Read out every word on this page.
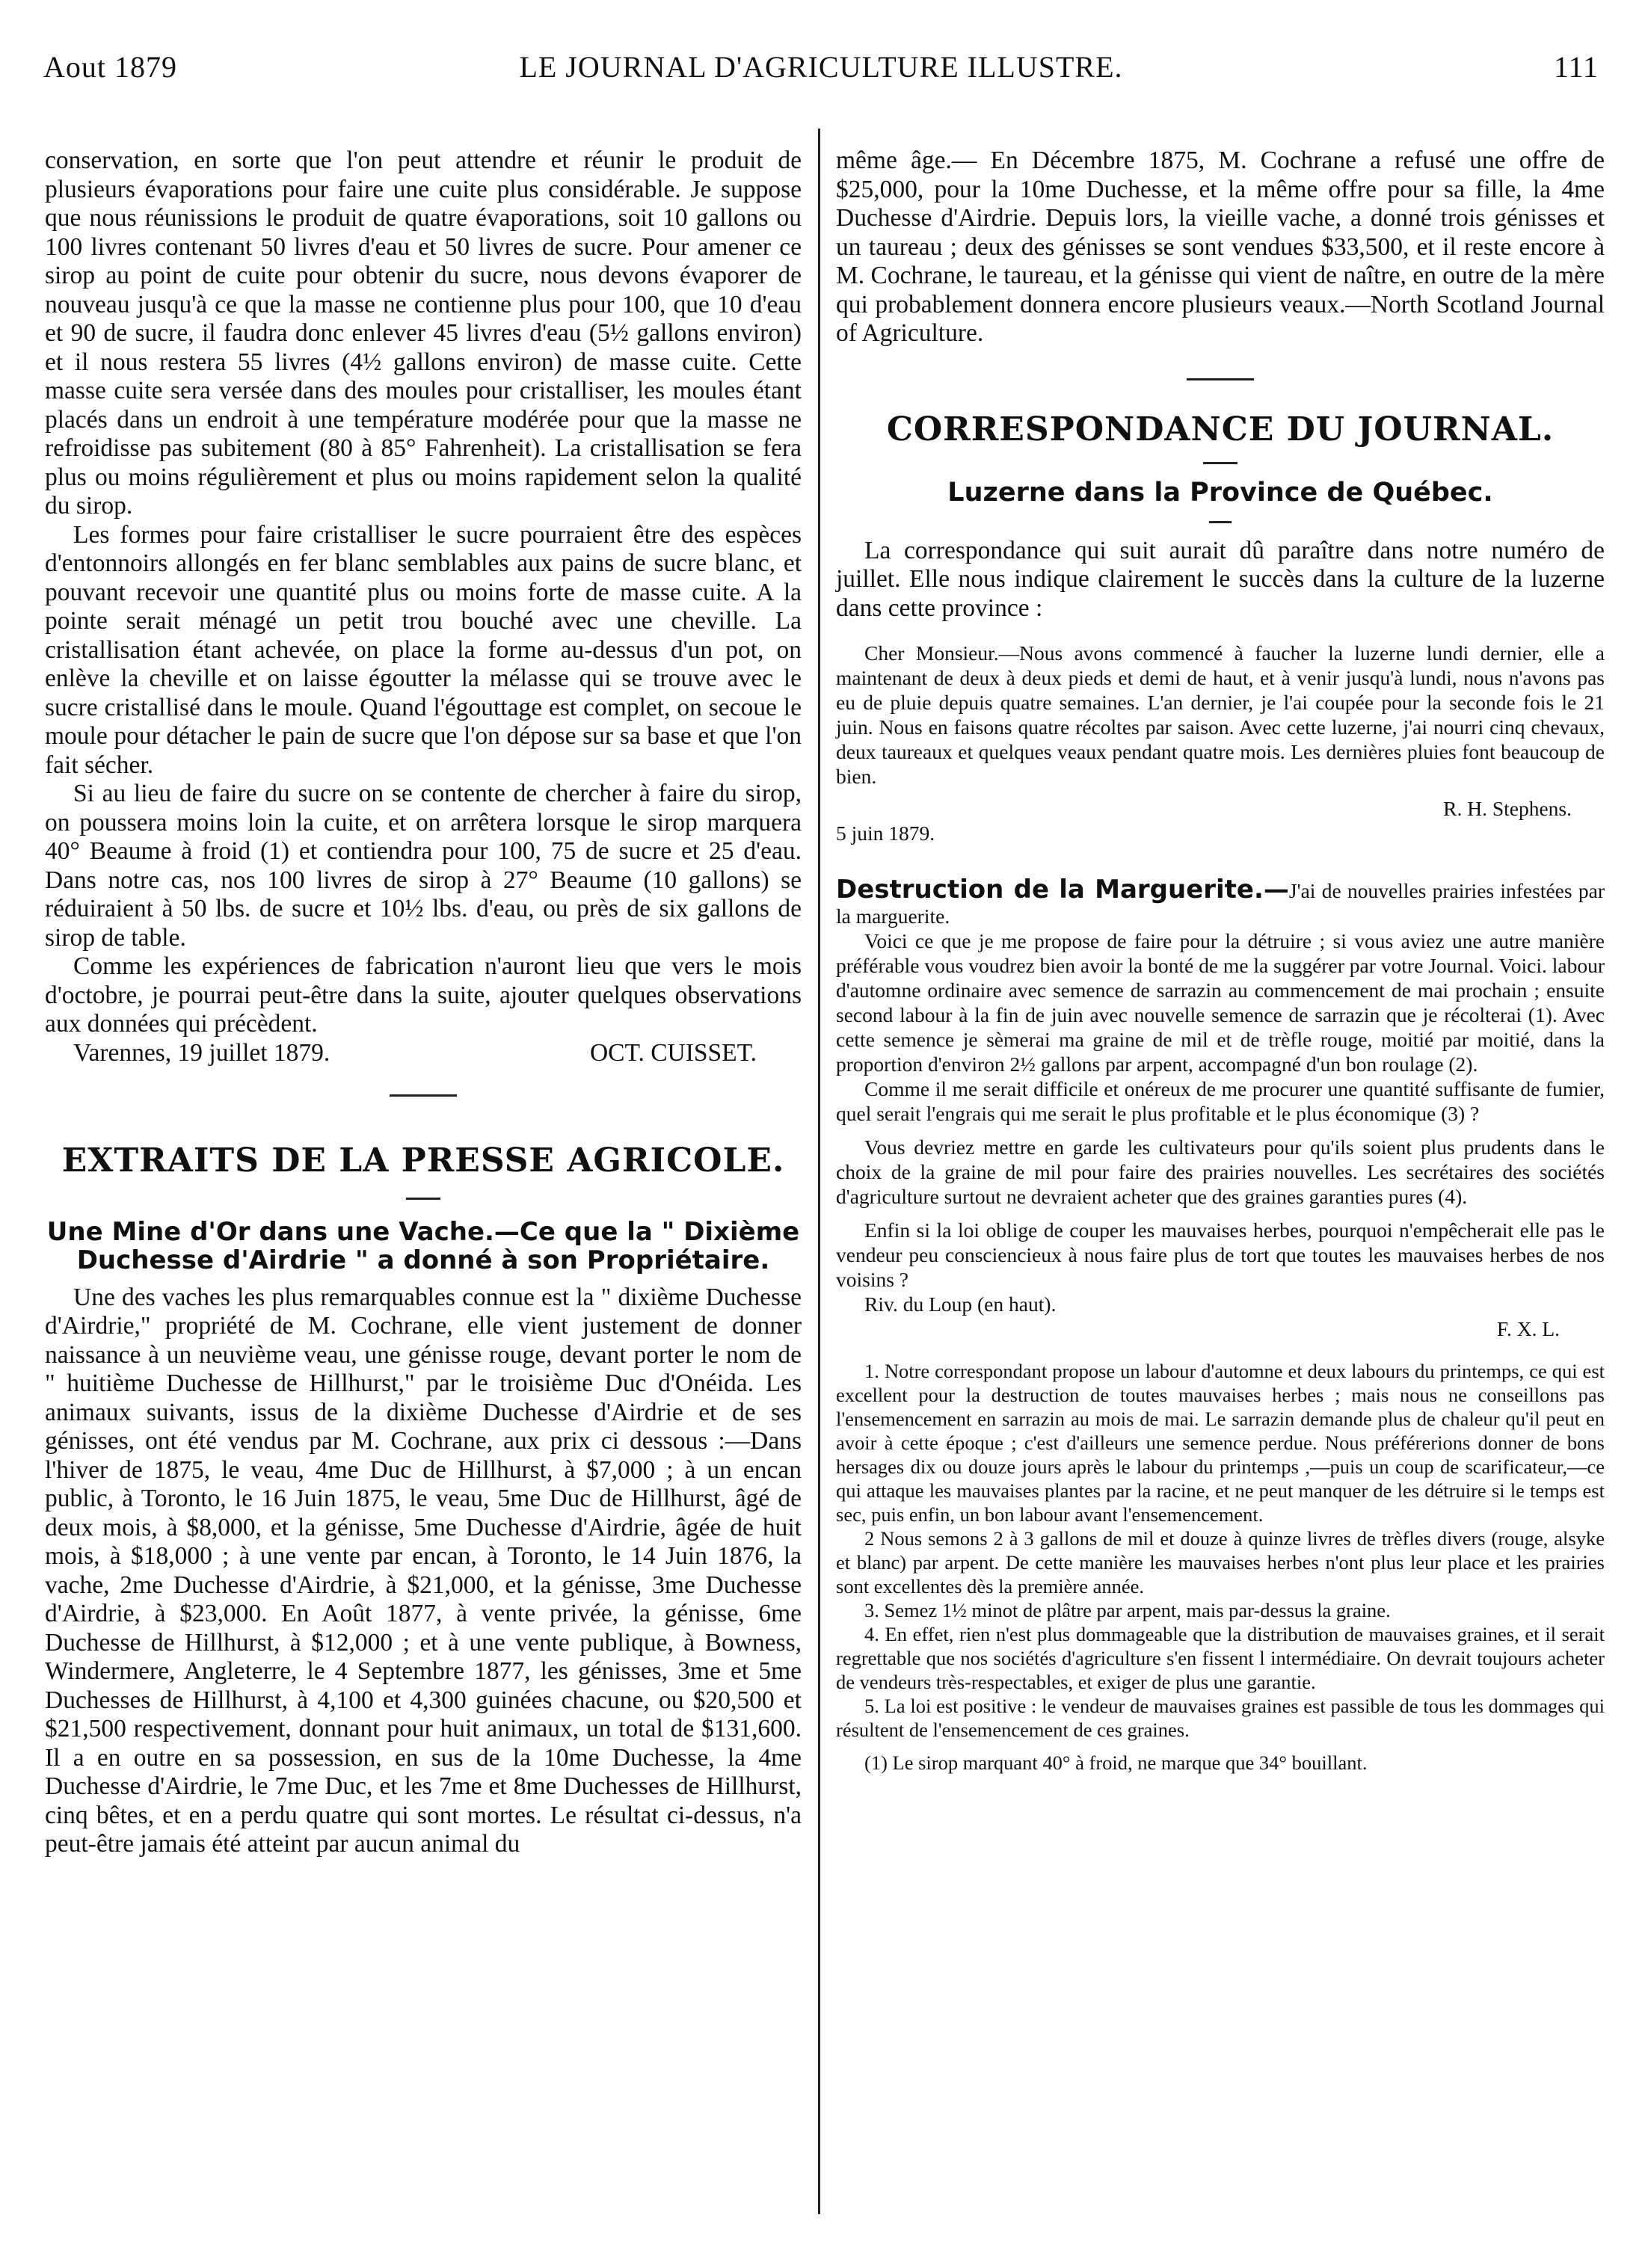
Aout 1879	LE JOURNAL D'AGRICULTURE ILLUSTRE.	111

conservation, en sorte que l'on peut attendre et réunir le produit de plusieurs évaporations pour faire une cuite plus considérable. Je suppose que nous réunissions le produit de quatre évaporations, soit 10 gallons ou 100 livres contenant 50 livres d'eau et 50 livres de sucre. Pour amener ce sirop au point de cuite pour obtenir du sucre, nous devons évaporer de nouveau jusqu'à ce que la masse ne contienne plus pour 100, que 10 d'eau et 90 de sucre, il faudra donc enlever 45 livres d'eau (5½ gallons environ) et il nous restera 55 livres (4½ gallons environ) de masse cuite. Cette masse cuite sera versée dans des moules pour cristalliser, les moules étant placés dans un endroit à une température modérée pour que la masse ne refroidisse pas subitement (80 à 85° Fahrenheit). La cristallisation se fera plus ou moins régulièrement et plus ou moins rapidement selon la qualité du sirop.

Les formes pour faire cristalliser le sucre pourraient être des espèces d'entonnoirs allongés en fer blanc semblables aux pains de sucre blanc, et pouvant recevoir une quantité plus ou moins forte de masse cuite. A la pointe serait ménagé un petit trou bouché avec une cheville. La cristallisation étant achevée, on place la forme au-dessus d'un pot, on enlève la cheville et on laisse égoutter la mélasse qui se trouve avec le sucre cristallisé dans le moule. Quand l'égouttage est complet, on secoue le moule pour détacher le pain de sucre que l'on dépose sur sa base et que l'on fait sécher.

Si au lieu de faire du sucre on se contente de chercher à faire du sirop, on poussera moins loin la cuite, et on arrêtera lorsque le sirop marquera 40° Beaume à froid (1) et contiendra pour 100, 75 de sucre et 25 d'eau. Dans notre cas, nos 100 livres de sirop à 27° Beaume (10 gallons) se réduiraient à 50 lbs. de sucre et 10½ lbs. d'eau, ou près de six gallons de sirop de table.

Comme les expériences de fabrication n'auront lieu que vers le mois d'octobre, je pourrai peut-être dans la suite, ajouter quelques observations aux données qui précèdent.

Varennes, 19 juillet 1879.	OCT. CUISSET.
EXTRAITS DE LA PRESSE AGRICOLE.

Une Mine d'Or dans une Vache.—Ce que la " Dixième Duchesse d'Airdrie " a donné à son Propriétaire.

Une des vaches les plus remarquables connue est la " dixième Duchesse d'Airdrie," propriété de M. Cochrane, elle vient justement de donner naissance à un neuvième veau, une génisse rouge, devant porter le nom de " huitième Duchesse de Hillhurst," par le troisième Duc d'Onéida. Les animaux suivants, issus de la dixième Duchesse d'Airdrie et de ses génisses, ont été vendus par M. Cochrane, aux prix ci dessous :—Dans l'hiver de 1875, le veau, 4me Duc de Hillhurst, à $7,000 ; à un encan public, à Toronto, le 16 Juin 1875, le veau, 5me Duc de Hillhurst, âgé de deux mois, à $8,000, et la génisse, 5me Duchesse d'Airdrie, âgée de huit mois, à $18,000 ; à une vente par encan, à Toronto, le 14 Juin 1876, la vache, 2me Duchesse d'Airdrie, à $21,000, et la génisse, 3me Duchesse d'Airdrie, à $23,000. En Août 1877, à vente privée, la génisse, 6me Duchesse de Hillhurst, à $12,000 ; et à une vente publique, à Bowness, Windermere, Angleterre, le 4 Septembre 1877, les génisses, 3me et 5me Duchesses de Hillhurst, à 4,100 et 4,300 guinées chacune, ou $20,500 et $21,500 respectivement, donnant pour huit animaux, un total de $131,600. Il a en outre en sa possession, en sus de la 10me Duchesse, la 4me Duchesse d'Airdrie, le 7me Duc, et les 7me et 8me Duchesses de Hillhurst, cinq bêtes, et en a perdu quatre qui sont mortes. Le résultat ci-dessus, n'a peut-être jamais été atteint par aucun animal du

même âge.— En Décembre 1875, M. Cochrane a refusé une offre de $25,000, pour la 10me Duchesse, et la même offre pour sa fille, la 4me Duchesse d'Airdrie. Depuis lors, la vieille vache, a donné trois génisses et un taureau ; deux des génisses se sont vendues $33,500, et il reste encore à M. Cochrane, le taureau, et la génisse qui vient de naître, en outre de la mère qui probablement donnera encore plusieurs veaux.—North Scotland Journal of Agriculture.

CORRESPONDANCE DU JOURNAL.
Luzerne dans la Province de Québec.

La correspondance qui suit aurait dû paraître dans notre numéro de juillet. Elle nous indique clairement le succès dans la culture de la luzerne dans cette province :

Cher Monsieur.—Nous avons commencé à faucher la luzerne lundi dernier, elle a maintenant de deux à deux pieds et demi de haut, et à venir jusqu'à lundi, nous n'avons pas eu de pluie depuis quatre semaines. L'an dernier, je l'ai coupée pour la seconde fois le 21 juin. Nous en faisons quatre récoltes par saison. Avec cette luzerne, j'ai nourri cinq chevaux, deux taureaux et quelques veaux pendant quatre mois. Les dernières pluies font beaucoup de bien.

R. H. Stephens.

5 juin 1879.

Destruction de la Marguerite.—J'ai de nouvelles prairies infestées par la marguerite.

Voici ce que je me propose de faire pour la détruire ; si vous aviez une autre manière préférable vous voudrez bien avoir la bonté de me la suggérer par votre Journal. Voici. labour d'automne ordinaire avec semence de sarrazin au commencement de mai prochain ; ensuite second labour à la fin de juin avec nouvelle semence de sarrazin que je récolterai (1). Avec cette semence je sèmerai ma graine de mil et de trèfle rouge, moitié par moitié, dans la proportion d'environ 2½ gallons par arpent, accompagné d'un bon roulage (2).

Comme il me serait difficile et onéreux de me procurer une quantité suffisante de fumier, quel serait l'engrais qui me serait le plus profitable et le plus économique (3) ?

Vous devriez mettre en garde les cultivateurs pour qu'ils soient plus prudents dans le choix de la graine de mil pour faire des prairies nouvelles. Les secrétaires des sociétés d'agriculture surtout ne devraient acheter que des graines garanties pures (4).

Enfin si la loi oblige de couper les mauvaises herbes, pourquoi n'empêcherait elle pas le vendeur peu consciencieux à nous faire plus de tort que toutes les mauvaises herbes de nos voisins ?

Riv. du Loup (en haut).

F. X. L.

1. Notre correspondant propose un labour d'automne et deux labours du printemps, ce qui est excellent pour la destruction de toutes mauvaises herbes ; mais nous ne conseillons pas l'ensemencement en sarrazin au mois de mai. Le sarrazin demande plus de chaleur qu'il peut en avoir à cette époque ; c'est d'ailleurs une semence perdue. Nous préférerions donner de bons hersages dix ou douze jours après le labour du printemps ,—puis un coup de scarificateur,—ce qui attaque les mauvaises plantes par la racine, et ne peut manquer de les détruire si le temps est sec, puis enfin, un bon labour avant l'ensemencement.

2 Nous semons 2 à 3 gallons de mil et douze à quinze livres de trèfles divers (rouge, alsyke et blanc) par arpent. De cette manière les mauvaises herbes n'ont plus leur place et les prairies sont excellentes dès la première année.

3. Semez 1½ minot de plâtre par arpent, mais par-dessus la graine.

4. En effet, rien n'est plus dommageable que la distribution de mauvaises graines, et il serait regrettable que nos sociétés d'agriculture s'en fissent l intermédiaire. On devrait toujours acheter de vendeurs très-respectables, et exiger de plus une garantie.

5. La loi est positive : le vendeur de mauvaises graines est passible de tous les dommages qui résultent de l'ensemencement de ces graines.

(1) Le sirop marquant 40° à froid, ne marque que 34° bouillant.
